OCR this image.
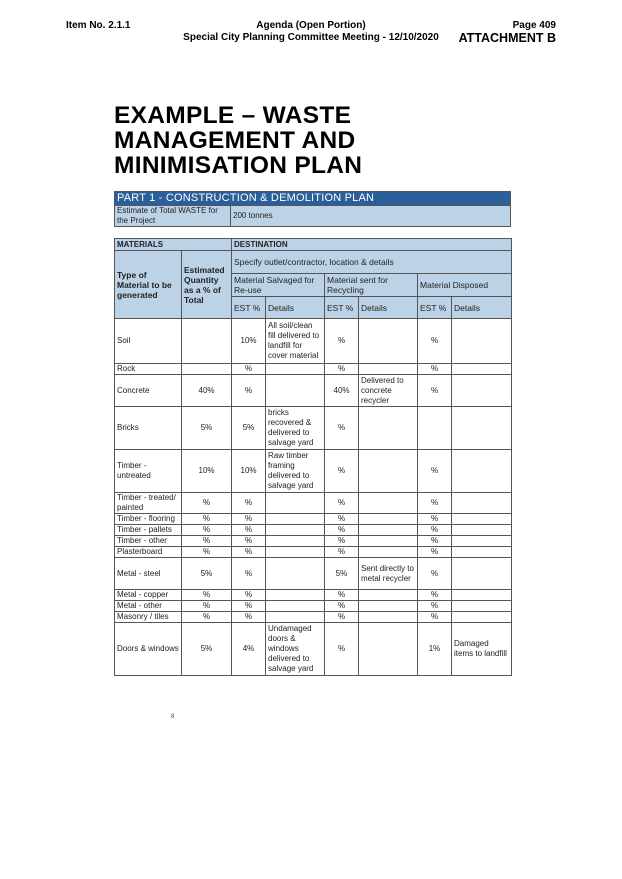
Item No. 2.1.1	Agenda (Open Portion)
Special City Planning Committee Meeting - 12/10/2020
Page 409
ATTACHMENT B
EXAMPLE – WASTE
MANAGEMENT AND
MINIMISATION PLAN
PART 1 - CONSTRUCTION & DEMOLITION PLAN
Estimate of Total WASTE for the Project	200 tonnes
MATERIALS		DESTINATION					
Type of Material to be generated	Estimated Quantity as a % of Total	Specify outlet/contractor, location & details					
		Material Salvaged for Re-use		Material sent for Recycling		Material Disposed	
		EST %	Details	EST %	Details	EST %	Details
Soil		10%	All soil/clean fill delivered to landfill for cover material	%		%	
Rock		%		%		%	
Concrete	40%	%		40%	Delivered to concrete recycler	%	
Bricks	5%	5%	bricks recovered & delivered to salvage yard	%			
Timber - untreated	10%	10%	Raw timber framing delivered to salvage yard	%		%	
Timber - treated/ painted	%	%		%		%	
Timber - flooring	%	%		%		%	
Timber - pallets	%	%		%		%	
Timber - other	%	%		%		%	
Plasterboard	%	%		%		%	
Metal - steel	5%	%		5%	Sent directly to metal recycler	%	
Metal - copper	%	%		%		%	
Metal - other	%	%		%		%	
Masonry / tiles	%	%		%		%	
Doors & windows	5%	4%	Undamaged doors & windows delivered to salvage yard	%		1%	Damaged items to landfill
8
